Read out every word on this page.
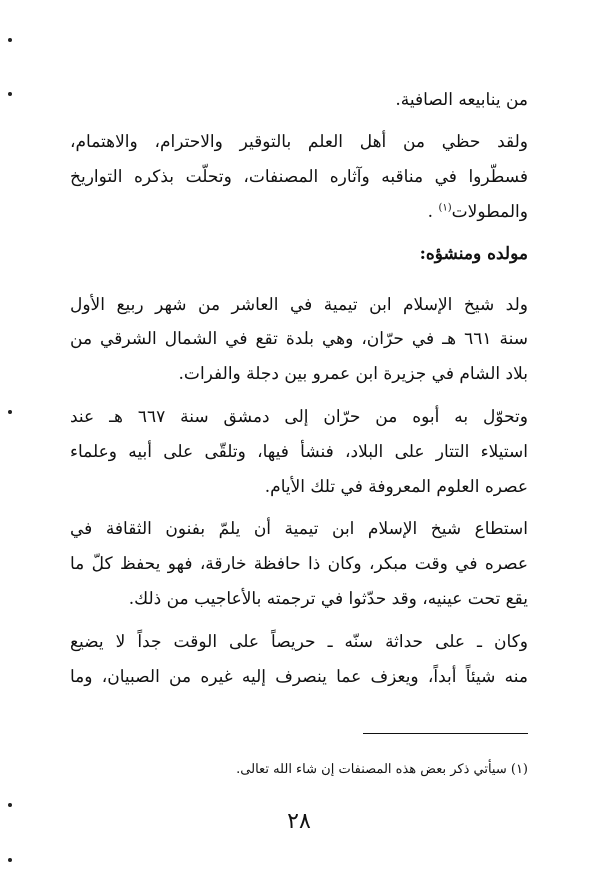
من ينابيعه الصافية.
ولقد حظي من أهل العلم بالتوقير والاحترام، والاهتمام،
فسطّروا في مناقبه وآثاره المصنفات، وتحلّت بذكره التواريخ
والمطولات$^{(١)}$ .
مولده ومنشؤه:
ولد شيخ الإسلام ابن تيمية في العاشر من شهر ربيع الأول
سنة ٦٦١ هـ في حرّان، وهي بلدة تقع في الشمال الشرقي من
بلاد الشام في جزيرة ابن عمرو بين دجلة والفرات.
وتحوّل به أبوه من حرّان إلى دمشق سنة ٦٦٧ هـ عند
استيلاء التتار على البلاد، فنشأ فيها، وتلقّى على أبيه وعلماء
عصره العلوم المعروفة في تلك الأيام.
استطاع شيخ الإسلام ابن تيمية أن يلمّ بفنون الثقافة في
عصره في وقت مبكر، وكان ذا حافظة خارقة، فهو يحفظ كلّ ما
يقع تحت عينيه، وقد حدّثوا في ترجمته بالأعاجيب من ذلك.
وكان ـ على حداثة سنّه ـ حريصاً على الوقت جداً لا يضيع
منه شيئاً أبداً، ويعزف عما ينصرف إليه غيره من الصبيان، وما
(١) سيأتي ذكر بعض هذه المصنفات إن شاء الله تعالى.
٢٨
